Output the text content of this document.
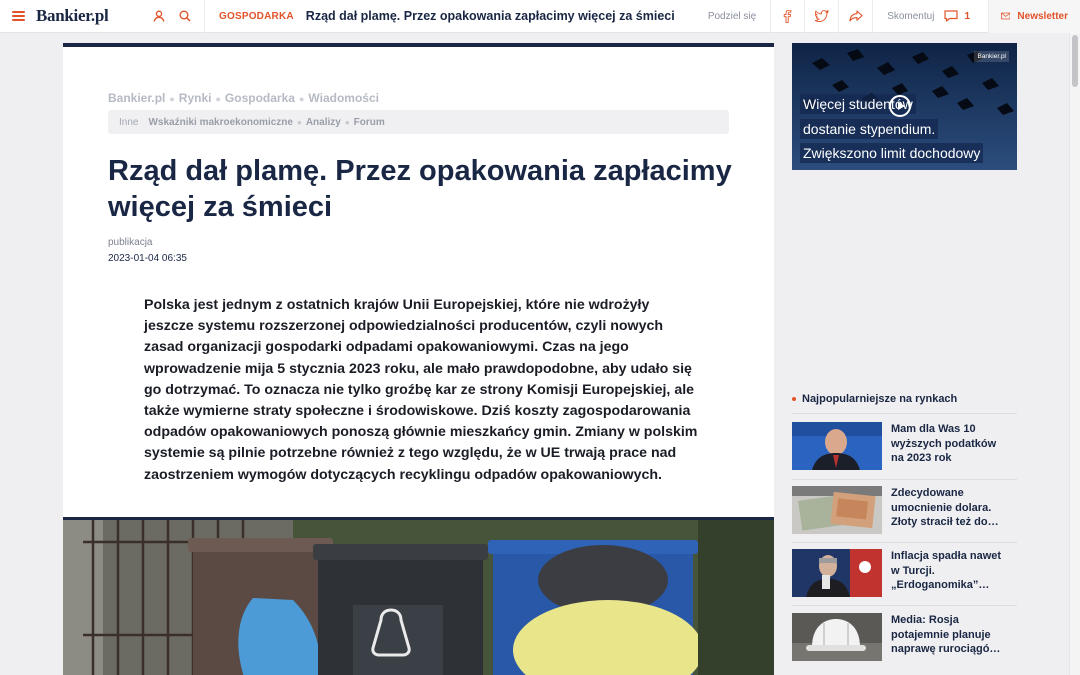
Bankier.pl	GOSPODARKA Rząd dał plamę. Przez opakowania zapłacimy więcej za śmieci	Podziel się	Skomentuj	1	Newsletter
Bankier.pl ● Rynki ● Gospodarka ● Wiadomości
Inne Wskaźniki makroekonomiczne ● Analizy ● Forum
Rząd dał plamę. Przez opakowania zapłacimy więcej za śmieci
publikacja
2023-01-04 06:35

Polska jest jednym z ostatnich krajów Unii Europejskiej, które nie wdrożyły jeszcze systemu rozszerzonej odpowiedzialności producentów, czyli nowych zasad organizacji gospodarki odpadami opakowaniowymi. Czas na jego wprowadzenie mija 5 stycznia 2023 roku, ale mało prawdopodobne, aby udało się go dotrzymać. To oznacza nie tylko groźbę kar ze strony Komisji Europejskiej, ale także wymierne straty społeczne i środowiskowe. Dziś koszty zagospodarowania odpadów opakowaniowych ponoszą głównie mieszkańcy gmin. Zmiany w polskim systemie są pilnie potrzebne również z tego względu, że w UE trwają prace nad zaostrzeniem wymogów dotyczących recyklingu odpadów opakowaniowych.

Bankier.pl
Więcej studentów
dostanie stypendium.
Zwiększono limit dochodowy
Najpopularniejsze na rynkach
Mam dla Was 10 wyższych podatków na 2023 rok
Zdecydowane umocnienie dolara. Złoty stracił też do…
Inflacja spadła nawet w Turcji. „Erdoganomika”…
Media: Rosja potajemnie planuje naprawę rurociągó…
